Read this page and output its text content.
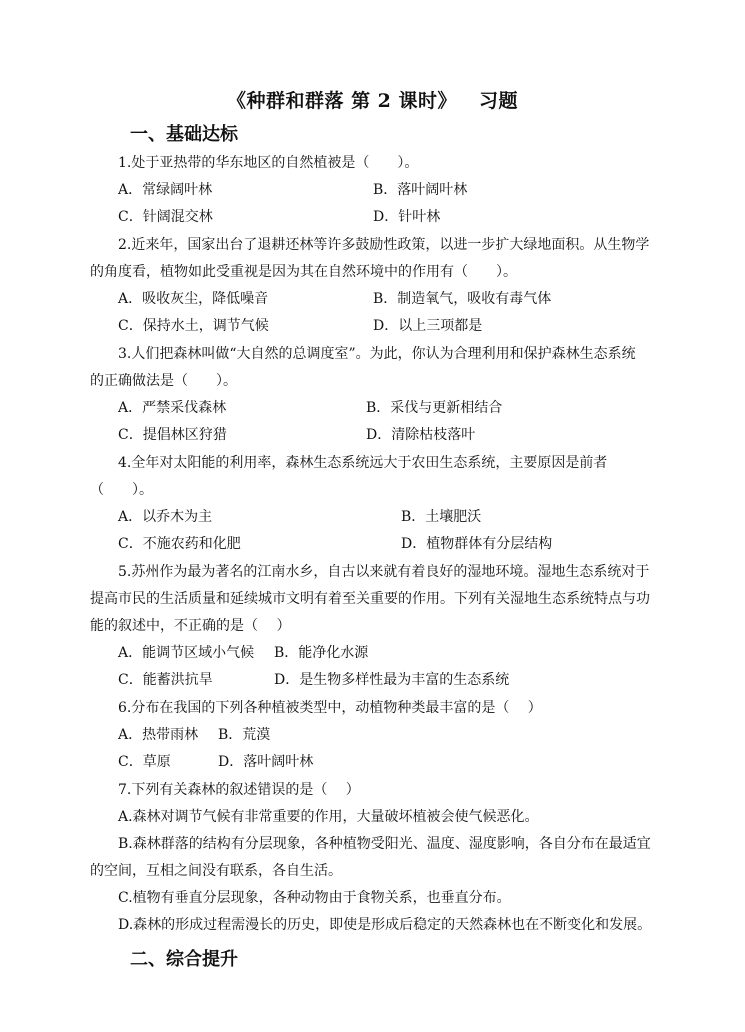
《种群和群落 第 2 课时》 习题
一、基础达标
1.处于亚热带的华东地区的自然植被是（　　）。
A．常绿阔叶林	B．落叶阔叶林
C．针阔混交林	D．针叶林
2.近来年，国家出台了退耕还林等许多鼓励性政策，以进一步扩大绿地面积。从生物学
的角度看，植物如此受重视是因为其在自然环境中的作用有（　　）。
A．吸收灰尘，降低噪音	B．制造氧气，吸收有毒气体
C．保持水土，调节气候	D．以上三项都是
3.人们把森林叫做“大自然的总调度室”。为此，你认为合理利用和保护森林生态系统
的正确做法是（　　）。
A．严禁采伐森林	B．采伐与更新相结合
C．提倡林区狩猎	D．清除枯枝落叶
4.全年对太阳能的利用率，森林生态系统远大于农田生态系统，主要原因是前者
（　　）。
A．以乔木为主	B．土壤肥沃
C．不施农药和化肥	D．植物群体有分层结构
5.苏州作为最为著名的江南水乡，自古以来就有着良好的湿地环境。湿地生态系统对于
提高市民的生活质量和延续城市文明有着至关重要的作用。下列有关湿地生态系统特点与功
能的叙述中，不正确的是（　 ）
A．能调节区域小气候 B．能净化水源
C．能蓄洪抗旱	D．是生物多样性最为丰富的生态系统
6.分布在我国的下列各种植被类型中，动植物种类最丰富的是（　 ）
A．热带雨林 B．荒漠
C．草原	D．落叶阔叶林
7.下列有关森林的叙述错误的是（　 ）
A.森林对调节气候有非常重要的作用，大量破坏植被会使气候恶化。
B.森林群落的结构有分层现象，各种植物受阳光、温度、湿度影响，各自分布在最适宜
的空间，互相之间没有联系，各自生活。
C.植物有垂直分层现象，各种动物由于食物关系，也垂直分布。
D.森林的形成过程需漫长的历史，即使是形成后稳定的天然森林也在不断变化和发展。
二、综合提升
